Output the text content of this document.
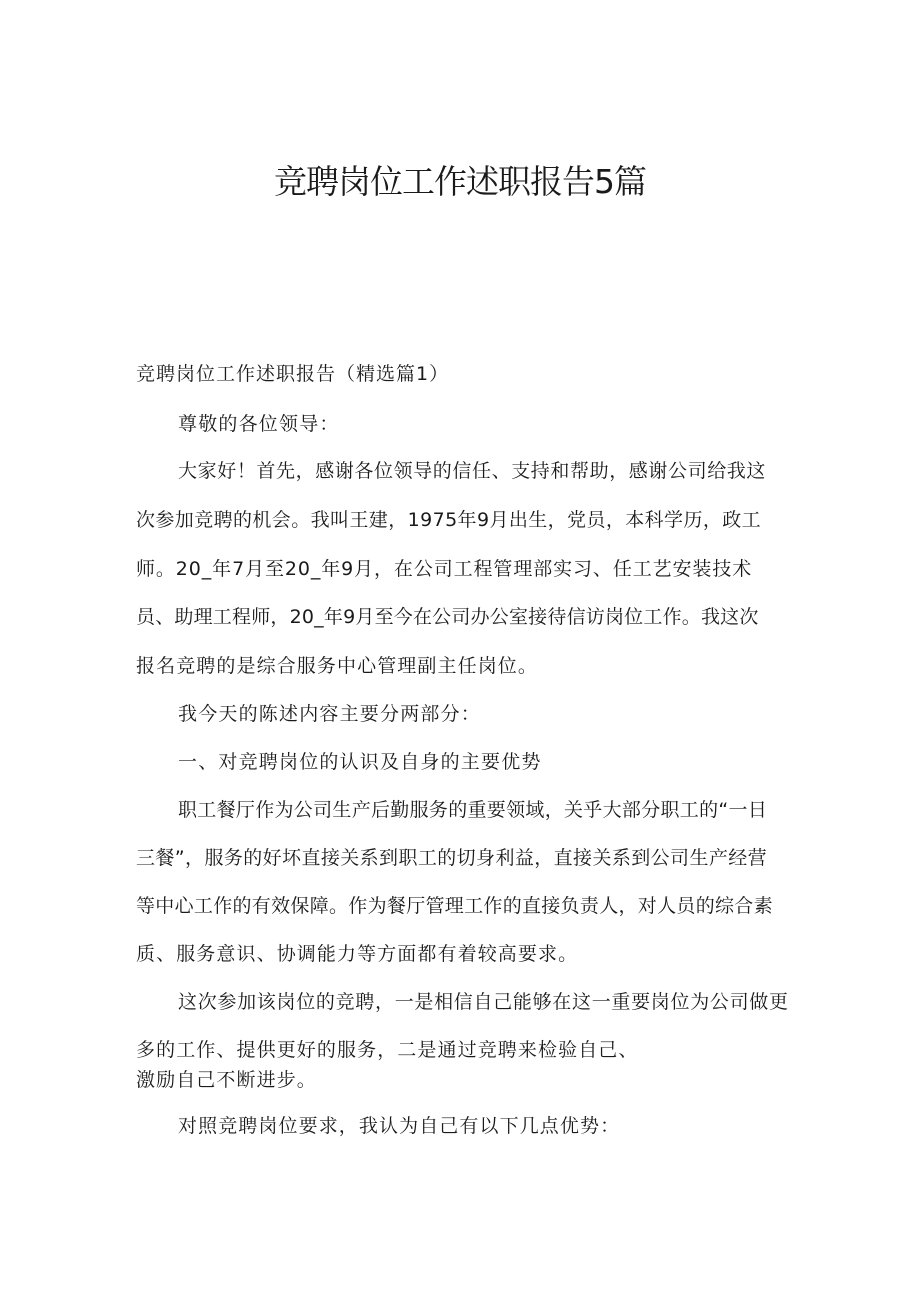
竞聘岗位工作述职报告5篇

竞聘岗位工作述职报告（精选篇1）

尊敬的各位领导：

大家好！首先，感谢各位领导的信任、支持和帮助，感谢公司给我这

次参加竞聘的机会。我叫王建，1975年9月出生，党员，本科学历，政工

师。20_年7月至20_年9月，在公司工程管理部实习、任工艺安装技术

员、助理工程师，20_年9月至今在公司办公室接待信访岗位工作。我这次

报名竞聘的是综合服务中心管理副主任岗位。

我今天的陈述内容主要分两部分：

一、对竞聘岗位的认识及自身的主要优势

职工餐厅作为公司生产后勤服务的重要领域，关乎大部分职工的“一日

三餐”，服务的好坏直接关系到职工的切身利益，直接关系到公司生产经营

等中心工作的有效保障。作为餐厅管理工作的直接负责人，对人员的综合素

质、服务意识、协调能力等方面都有着较高要求。

这次参加该岗位的竞聘，一是相信自己能够在这一重要岗位为公司做更

多的工作、提供更好的服务，二是通过竞聘来检验自己、

激励自己不断进步。

对照竞聘岗位要求，我认为自己有以下几点优势：
